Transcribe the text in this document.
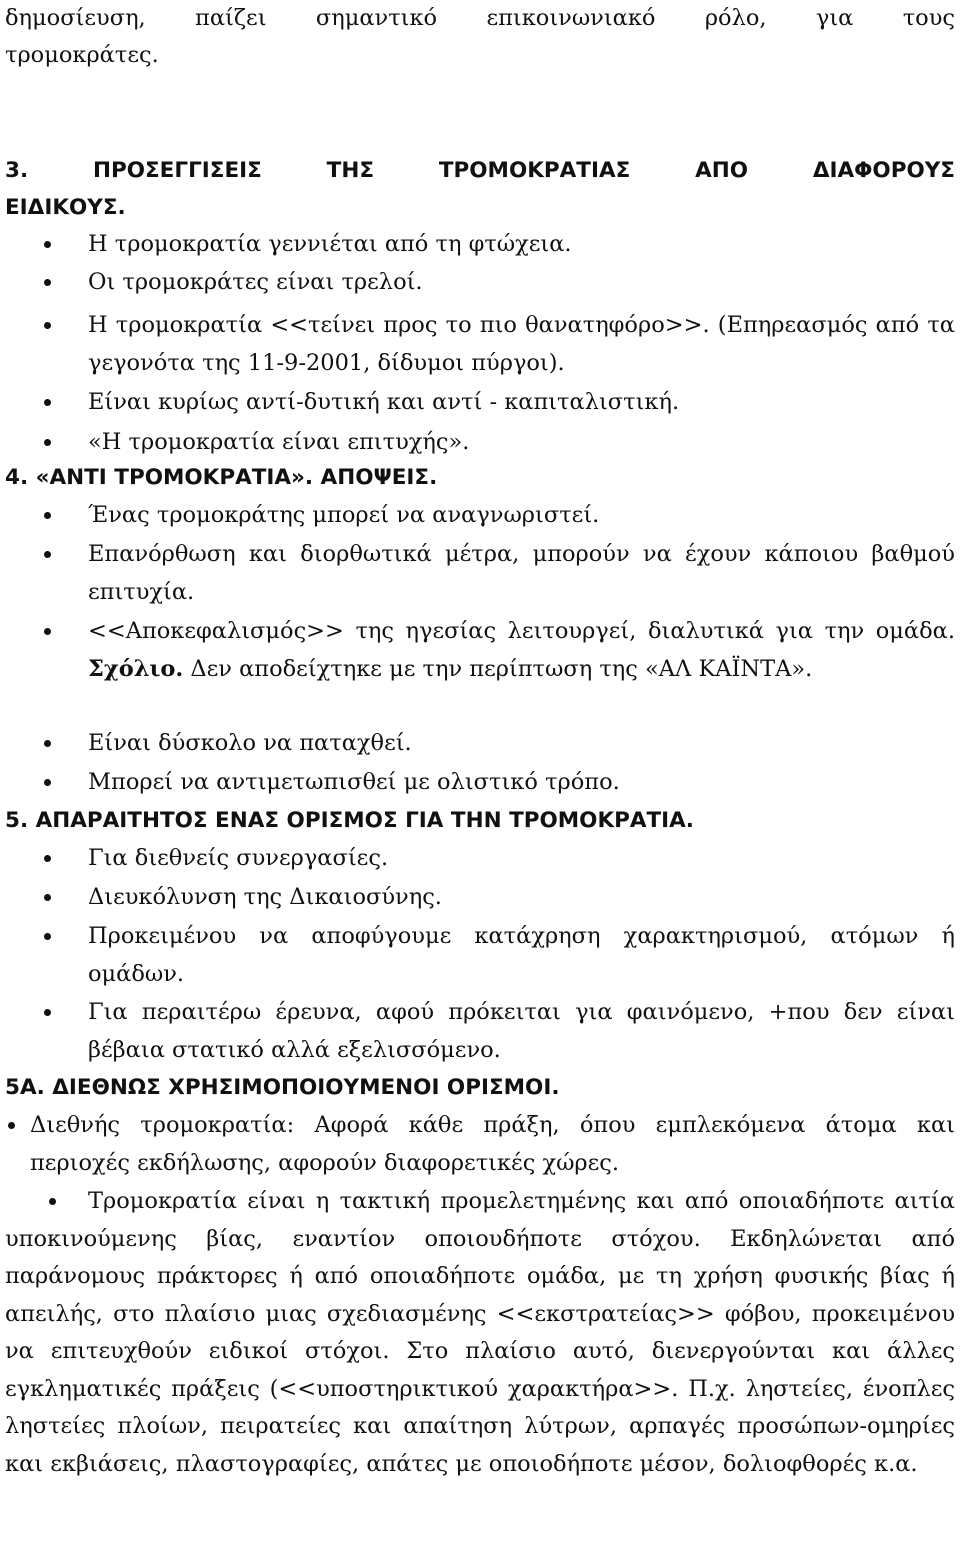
δημοσίευση, παίζει σημαντικό επικοινωνιακό ρόλο, για τους
τρομοκράτες.
3. ΠΡΟΣΕΓΓΙΣΕΙΣ ΤΗΣ ΤΡΟΜΟΚΡΑΤΙΑΣ ΑΠΟ ΔΙΑΦΟΡΟΥΣ
ΕΙΔΙΚΟΥΣ.
Η τρομοκρατία γεννιέται από τη φτώχεια.
Οι τρομοκράτες είναι τρελοί.
Η τρομοκρατία <<τείνει προς το πιο θανατηφόρο>>. (Επηρεασμός από τα γεγονότα της 11-9-2001, δίδυμοι πύργοι).
Είναι κυρίως αντί-δυτική και αντί - καπιταλιστική.
«Η τρομοκρατία είναι επιτυχής».
4. «ΑΝΤΙ ΤΡΟΜΟΚΡΑΤΙΑ». ΑΠΟΨΕΙΣ.
Ένας τρομοκράτης μπορεί να αναγνωριστεί.
Επανόρθωση και διορθωτικά μέτρα, μπορούν να έχουν κάποιου βαθμού επιτυχία.
<<Αποκεφαλισμός>> της ηγεσίας λειτουργεί, διαλυτικά για την ομάδα. Σχόλιο. Δεν αποδείχτηκε με την περίπτωση της «ΑΛ ΚΑΪΝΤΑ».
Είναι δύσκολο να παταχθεί.
Μπορεί να αντιμετωπισθεί με ολιστικό τρόπο.
5. ΑΠΑΡΑΙΤΗΤΟΣ ΕΝΑΣ ΟΡΙΣΜΟΣ ΓΙΑ ΤΗΝ ΤΡΟΜΟΚΡΑΤΙΑ.
Για διεθνείς συνεργασίες.
Διευκόλυνση της Δικαιοσύνης.
Προκειμένου να αποφύγουμε κατάχρηση χαρακτηρισμού, ατόμων ή ομάδων.
Για περαιτέρω έρευνα, αφού πρόκειται για φαινόμενο, +που δεν είναι βέβαια στατικό αλλά εξελισσόμενο.
5Α. ΔΙΕΘΝΩΣ ΧΡΗΣΙΜΟΠΟΙΟΥΜΕΝΟΙ ΟΡΙΣΜΟΙ.
Διεθνής τρομοκρατία: Αφορά κάθε πράξη, όπου εμπλεκόμενα άτομα και περιοχές εκδήλωσης, αφορούν διαφορετικές χώρες.
Τρομοκρατία είναι η τακτική προμελετημένης και από οποιαδήποτε αιτία υποκινούμενης βίας, εναντίον οποιουδήποτε στόχου. Εκδηλώνεται από παράνομους πράκτορες ή από οποιαδήποτε ομάδα, με τη χρήση φυσικής βίας ή απειλής, στο πλαίσιο μιας σχεδιασμένης <<εκστρατείας>> φόβου, προκειμένου να επιτευχθούν ειδικοί στόχοι. Στο πλαίσιο αυτό, διενεργούνται και άλλες εγκληματικές πράξεις (<<υποστηρικτικού χαρακτήρα>>. Π.χ. ληστείες, ένοπλες ληστείες πλοίων, πειρατείες και απαίτηση λύτρων, αρπαγές προσώπων-ομηρίες και εκβιάσεις, πλαστογραφίες, απάτες με οποιοδήποτε μέσον, δολιοφθορές κ.α.
